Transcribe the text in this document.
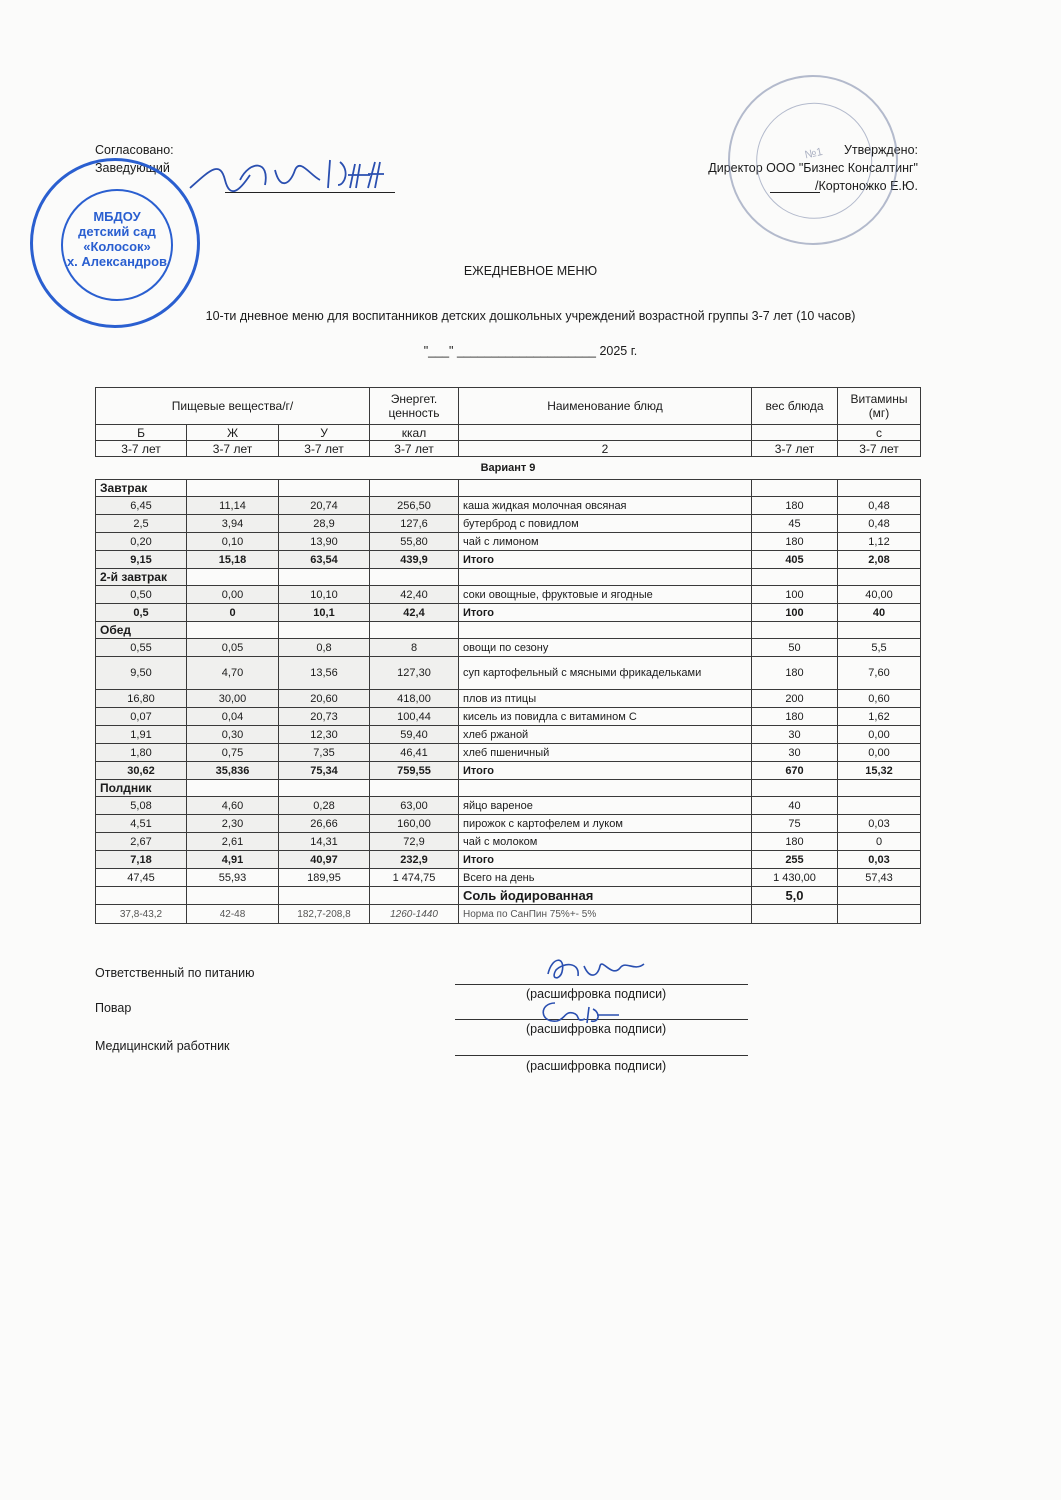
Согласовано:
Заведующий
МБДОУ
детский сад
«Колосок»
х. Александров
Утверждено:
Директор ООО "Бизнес Консалтинг"
/Кортоножко Е.Ю.
№1
ЕЖЕДНЕВНОЕ МЕНЮ
10-ти дневное меню для воспитанников детских дошкольных учреждений возрастной группы 3-7 лет (10 часов)
"___" ____________________ 2025 г.
Пищевые вещества/г/			Энергет. ценность	Наименование блюд	вес блюда	Витамины (мг)
Б	Ж	У	ккал			с
3-7 лет	3-7 лет	3-7 лет	3-7 лет	2	3-7 лет	3-7 лет
Вариант 9						
Завтрак						
6,45	11,14	20,74	256,50	каша жидкая молочная овсяная	180	0,48
2,5	3,94	28,9	127,6	бутерброд с повидлом	45	0,48
0,20	0,10	13,90	55,80	чай с лимоном	180	1,12
9,15	15,18	63,54	439,9	Итого	405	2,08
2-й завтрак						
0,50	0,00	10,10	42,40	соки овощные, фруктовые и ягодные	100	40,00
0,5	0	10,1	42,4	Итого	100	40
Обед						
0,55	0,05	0,8	8	овощи по сезону	50	5,5
9,50	4,70	13,56	127,30	суп картофельный с мясными фрикадельками	180	7,60
16,80	30,00	20,60	418,00	плов из птицы	200	0,60
0,07	0,04	20,73	100,44	кисель из повидла с витамином С	180	1,62
1,91	0,30	12,30	59,40	хлеб ржаной	30	0,00
1,80	0,75	7,35	46,41	хлеб пшеничный	30	0,00
30,62	35,836	75,34	759,55	Итого	670	15,32
Полдник						
5,08	4,60	0,28	63,00	яйцо вареное	40	
4,51	2,30	26,66	160,00	пирожок с картофелем и луком	75	0,03
2,67	2,61	14,31	72,9	чай с молоком	180	0
7,18	4,91	40,97	232,9	Итого	255	0,03
47,45	55,93	189,95	1 474,75	Всего на день	1 430,00	57,43
				Соль йодированная	5,0	
37,8-43,2	42-48	182,7-208,8	1260-1440	Норма по СанПин 75%+- 5%		
Ответственный по питанию
Повар
Медицинский работник
(расшифровка подписи)
(расшифровка подписи)
(расшифровка подписи)
